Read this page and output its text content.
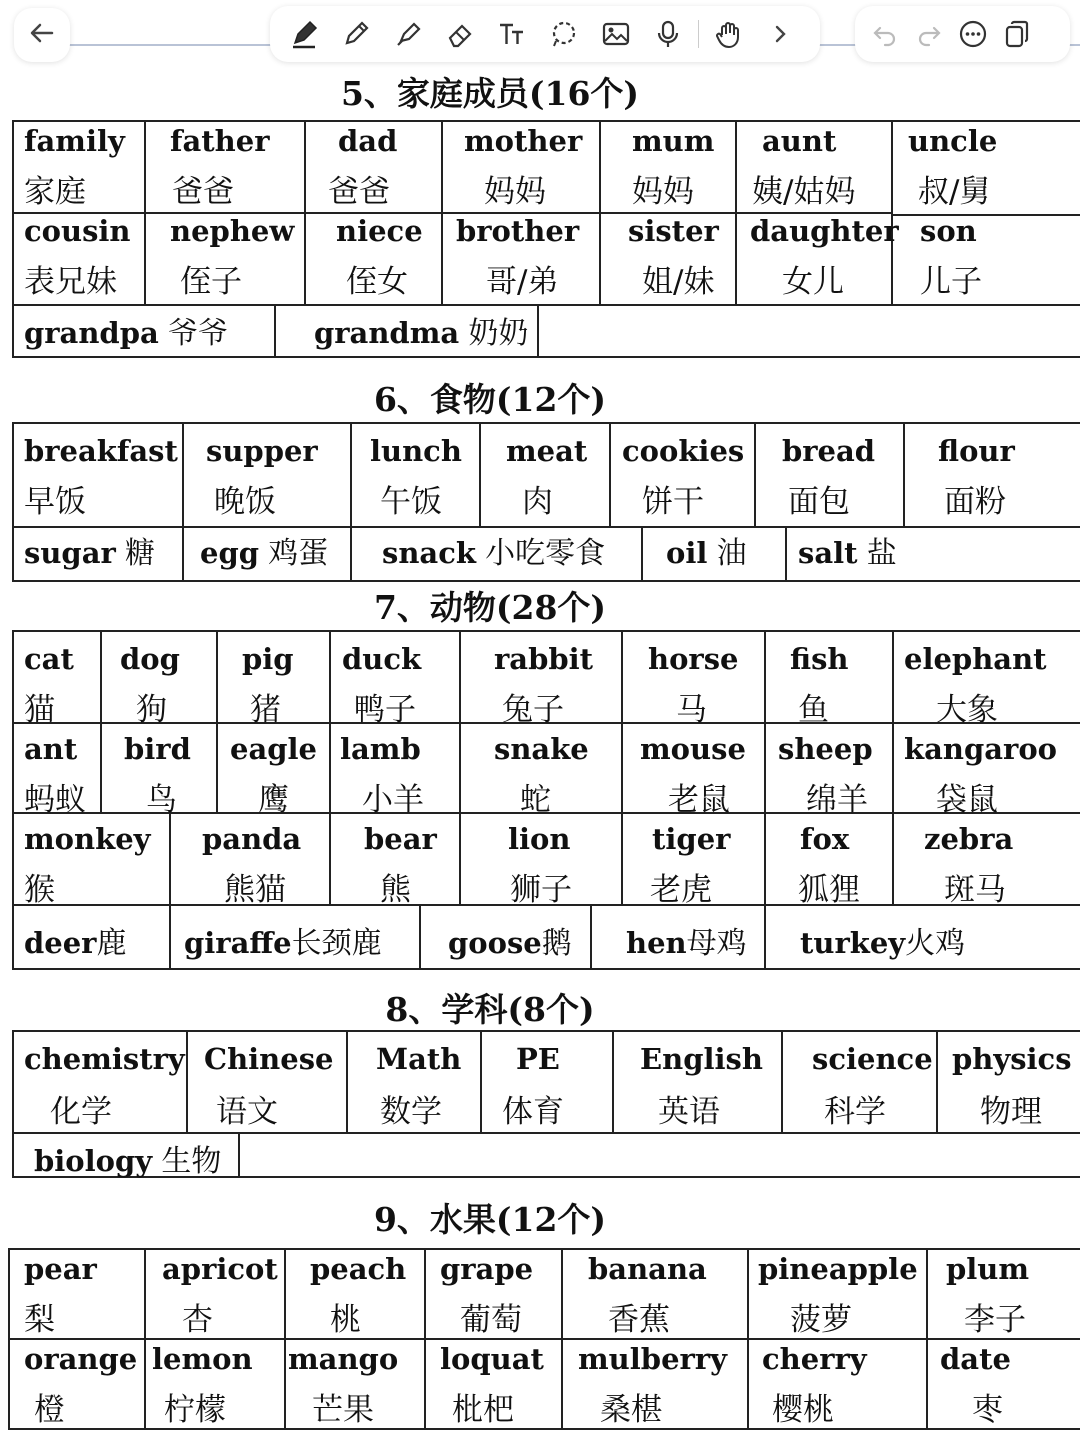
5、家庭成员(16个)
family
家庭
father
爸爸
dad
爸爸
mother
妈妈
mum
妈妈
aunt
姨/姑妈
uncle
叔/舅
cousin
表兄妹
nephew
侄子
niece
侄女
brother
哥/弟
sister
姐/妹
daughter
女儿
son
儿子
grandpa 爷爷	grandma 奶奶
6、食物(12个)
breakfast
早饭
supper
晚饭
lunch
午饭
meat
肉
cookies
饼干
bread
面包
flour
面粉
sugar 糖 egg 鸡蛋 snack 小吃零食 oil 油 salt 盐
7、动物(28个)
cat
猫
dog
狗
pig
猪
duck
鸭子
rabbit
兔子
horse
马
fish
鱼
elephant
大象
ant
蚂蚁
bird
鸟
eagle
鹰
lamb
小羊
snake
蛇
mouse
老鼠
sheep
绵羊
kangaroo
袋鼠
monkey
猴
panda
熊猫
bear
熊
lion
狮子
tiger
老虎
fox
狐狸
zebra
斑马
deer鹿 giraffe长颈鹿 goose鹅 hen母鸡 turkey火鸡
8、学科(8个)
chemistry
化学
Chinese
语文
Math
数学
PE
体育
English
英语
science
科学
physics
物理
biology 生物
9、水果(12个)
pear
梨
apricot
杏
peach
桃
grape
葡萄
banana
香蕉
pineapple
菠萝
plum
李子
orange
橙
lemon
柠檬
mango
芒果
loquat
枇杷
mulberry
桑椹
cherry
樱桃
date
枣
